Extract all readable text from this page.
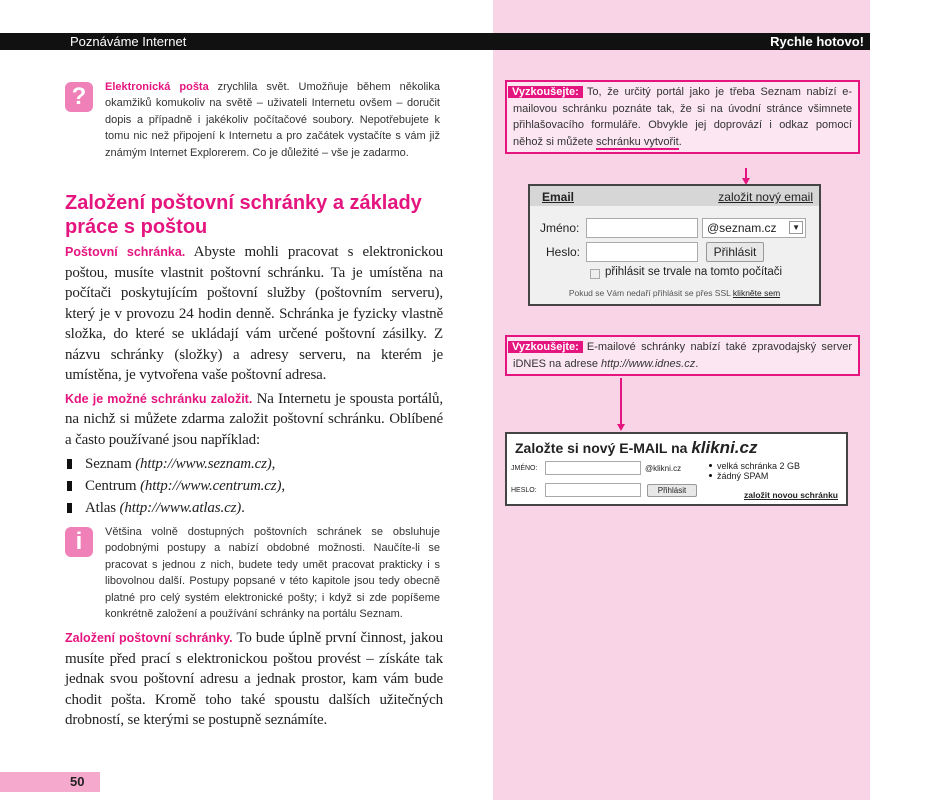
Poznáváme Internet	Rychle hotovo!
?	Elektronická pošta zrychlila svět. Umožňuje během několika okamžiků komukoliv na světě – uživateli Internetu ovšem – doručit dopis a případně i jakékoliv počítačové soubory. Nepotřebujete k tomu nic než připojení k Internetu a pro začátek vystačíte s vám již známým Internet Explorerem. Co je důležité – vše je zadarmo.
Založení poštovní schránky a základy práce s poštou
Poštovní schránka. Abyste mohli pracovat s elektronickou poštou, musíte vlastnit poštovní schránku. Ta je umístěna na počítači poskytujícím poštovní služby (poštovním serveru), který je v provozu 24 hodin denně. Schránka je fyzicky vlastně složka, do které se ukládají vám určené poštovní zásilky. Z názvu schránky (složky) a adresy serveru, na kterém je umístěna, je vytvořena vaše poštovní adresa.
Kde je možné schránku založit. Na Internetu je spousta portálů, na nichž si můžete zdarma založit poštovní schránku. Oblíbené a často používané jsou například:
Seznam (http://www.seznam.cz),
Centrum (http://www.centrum.cz),
Atlas (http://www.atlas.cz).
i	Většina volně dostupných poštovních schránek se obsluhuje podobnými postupy a nabízí obdobné možnosti. Naučíte-li se pracovat s jednou z nich, budete tedy umět pracovat prakticky i s libovolnou další. Postupy popsané v této kapitole jsou tedy obecně platné pro celý systém elektronické pošty; i když si zde popíšeme konkrétně založení a používání schránky na portálu Seznam.
Založení poštovní schránky. To bude úplně první činnost, jakou musíte před prací s elektronickou poštou provést – získáte tak jednak svou poštovní adresu a jednak prostor, kam vám bude chodit pošta. Kromě toho také spoustu dalších užitečných drobností, se kterými se postupně seznámíte.
50
Vyzkoušejte: To, že určitý portál jako je třeba Seznam nabízí e-mailovou schránku poznáte tak, že si na úvodní stránce všimnete přihlašovacího formuláře. Obvykle jej doprovází i odkaz pomocí něhož si můžete schránku vytvořit.
Email	založit nový email
Jméno:	@seznam.cz	▼
Heslo:	Přihlásit
přihlásit se trvale na tomto počítači
Pokud se Vám nedaří přihlásit se přes SSL klikněte sem
Vyzkoušejte: E-mailové schránky nabízí také zpravodajský server iDNES na adrese http://www.idnes.cz.
Založte si nový E-MAIL na klikni.cz
JMÉNO:	@klikni.cz
HESLO:	Přihlásit
velká schránka 2 GB
žádný SPAM
založit novou schránku
